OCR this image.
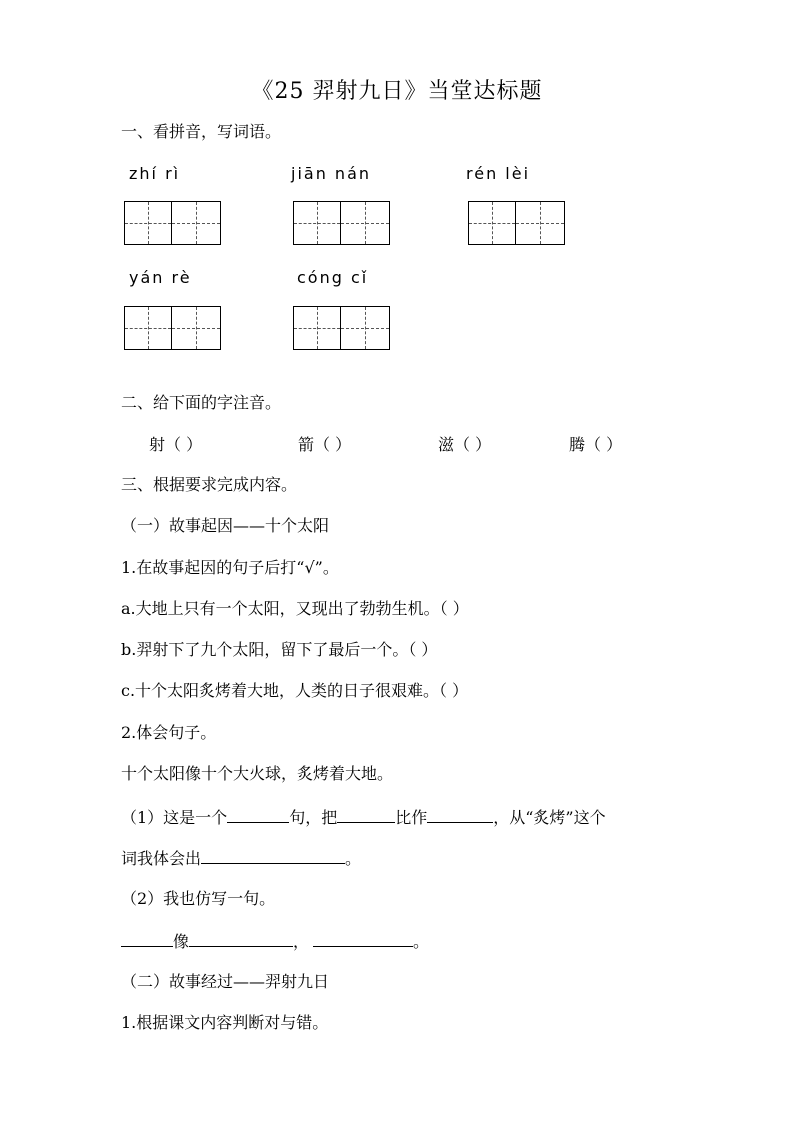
《25 羿射九日》当堂达标题
一、看拼音，写词语。
zhí rì	jiān nán	rén lèi
yán rè	cóng cǐ
二、给下面的字注音。
射（ ）	箭（ ）	滋（ ）	腾（ ）
三、根据要求完成内容。
（一）故事起因——十个太阳
1.在故事起因的句子后打“√”。
a.大地上只有一个太阳，又现出了勃勃生机。（ ）
b.羿射下了九个太阳，留下了最后一个。（ ）
c.十个太阳炙烤着大地，人类的日子很艰难。（ ）
2.体会句子。
十个太阳像十个大火球，炙烤着大地。
（1）这是一个	句，把	比作	，从“炙烤”这个
词我体会出	。
（2）我也仿写一句。
像	，	。
（二）故事经过——羿射九日
1.根据课文内容判断对与错。
